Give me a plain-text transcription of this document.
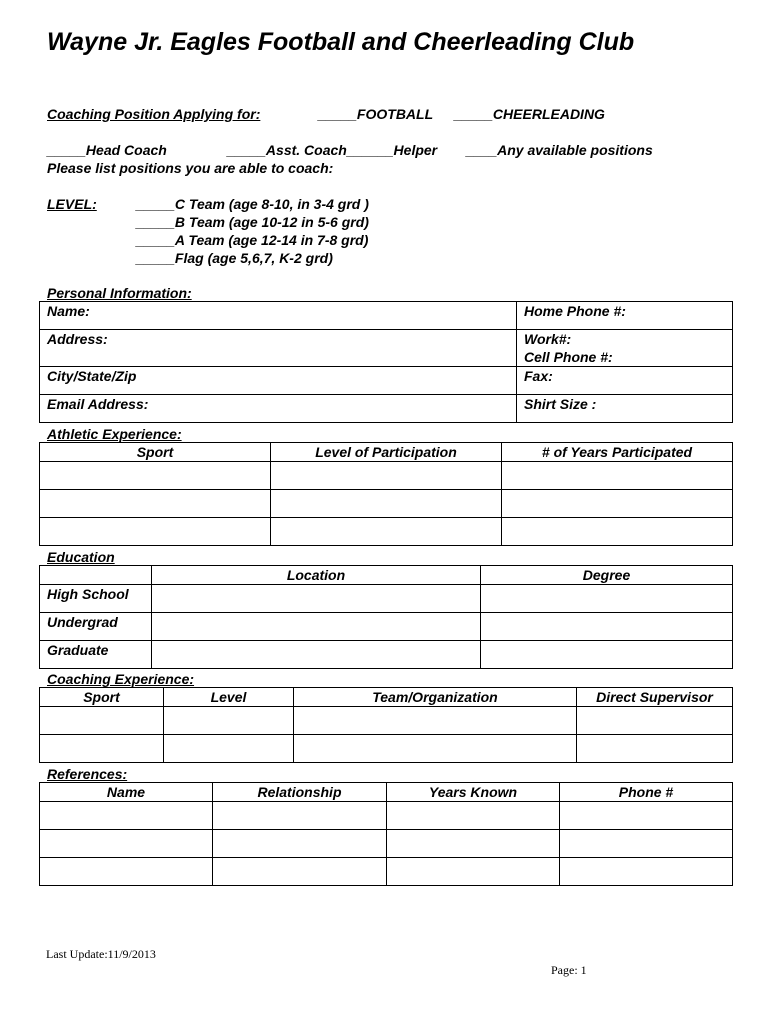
Wayne Jr. Eagles Football and Cheerleading Club
Coaching Position Applying for:	_____FOOTBALL _____CHEERLEADING
_____Head Coach	_____Asst. Coach______Helper ____Any available positions
Please list positions you are able to coach:
LEVEL:	_____C Team (age 8-10, in 3-4 grd )
_____B Team (age 10-12 in 5-6 grd)
_____A Team (age 12-14 in 7-8 grd)
_____Flag (age 5,6,7, K-2 grd)
Personal Information:
Name:	Home Phone #:
Address:	Work#:
Cell Phone #:

City/State/Zip	Fax:
Email Address:	Shirt Size :
Athletic Experience:
Sport	Level of Participation	# of Years Participated

Education
	Location	Degree
High School		
Undergrad		
Graduate		
Coaching Experience:
Sport	Level	Team/Organization	Direct Supervisor

References:
Name	Relationship	Years Known	Phone #

Last Update:11/9/2013
Page: 1
